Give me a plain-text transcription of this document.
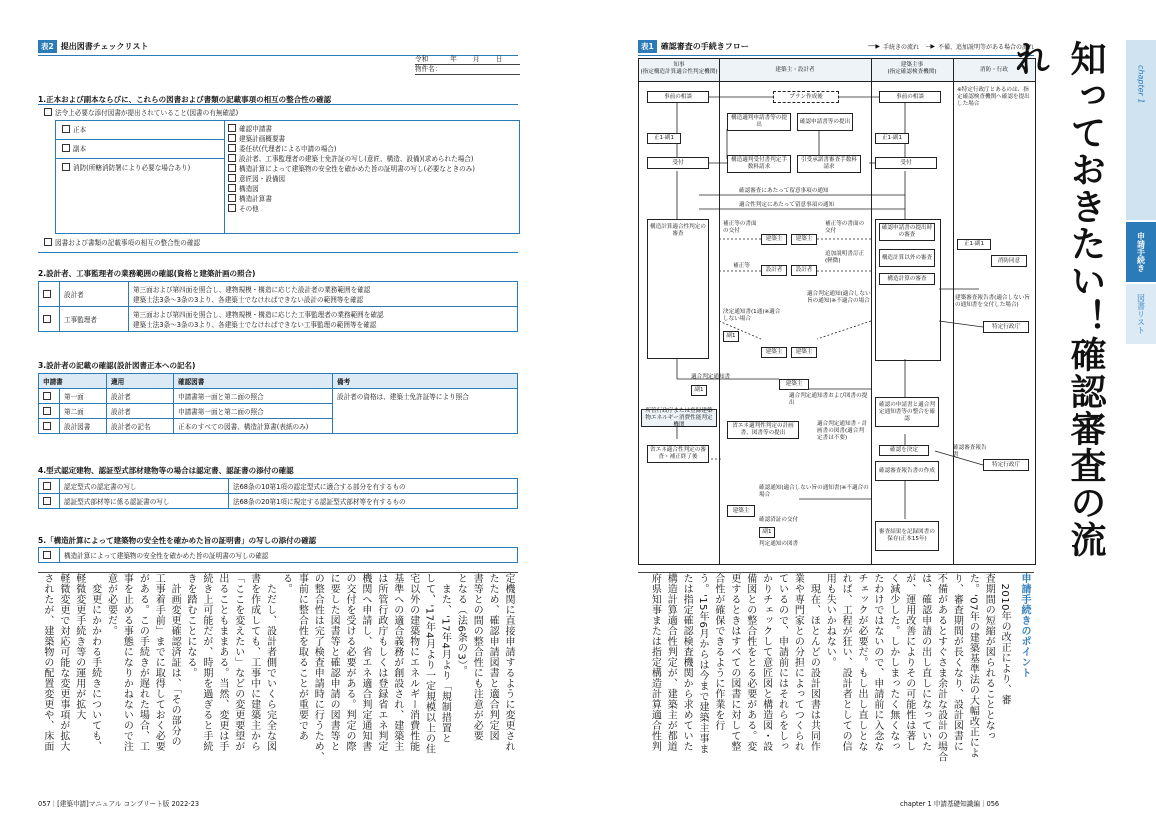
表2 提出図書チェックリスト
令和	年 月 日
物件名：
1.正本および副本ならびに、これらの図書および書類の記載事項の相互の整合性の確認
法令上必要な添付図書が提出されていること(図書の有無確認)
正本
副本
消防(所轄消防署により必要な場合あり)
確認申請書
建築計画概要書
委任状(代理者による申請の場合)
設計者、工事監理者の建築士免許証の写し(意匠、構造、設備)(求められた場合)
構造計算によって建築物の安全性を確かめた旨の証明書の写し(必要なときのみ)
意匠図・設備図
構造図
構造計算書
その他
図書および書類の記載事項の相互の整合性の確認
2.設計者、工事監理者の業務範囲の確認(資格と建築計画の照合)
	設計者	第三面および第四面を照合し、建物規模・構造に応じた設計者の業務範囲を確認
建築士法3条～3条の3より、各建築士でなければできない設計の範囲等を確認

	工事監理者	第三面および第四面を照合し、建物規模・構造に応じた工事監理者の業務範囲を確認
建築士法3条～3条の3より、各建築士でなければできない工事監理の範囲等を確認
3.設計者の記載の確認(設計図書正本への記名)
申請書		適用	確認図書	備考
	第一面	設計者	申請書第一面と第二面の照合	設計者の資格は、建築士免許証等により照合
	第二面	設計者	申請書第一面と第二面の照合	
	設計図書	設計者の記名	正本のすべての図書、構造計算書(表紙のみ)	
4.型式認定建物、認証型式部材建物等の場合は認定書、認証書の添付の確認
	認定型式の認定書の写し	法68条の10第1項の認定型式に適合する部分を有するもの
	認証型式部材等に係る認証書の写し	法68条の20第1項に規定する認証型式部材等を有するもの
5.「構造計算によって建築物の安全性を確かめた旨の証明書」の写しの添付の確認
	構造計算によって建築物の安全性を確かめた旨の証明書の写しの確認
定機関に直接申請するように変更され
たため、確認申請図書と適合判定図
書等との間の整合性にも注意が必要
となる（法6条の3）。
　また、'17年4月より「規制措置と
して、'17年4月より一定規模以上の住
宅以外の建築物にエネルギー消費性能
基準への適合義務が創設され、建築主
は所管行政庁もしくは登録省エネ判定
機関へ申請し、省エネ適合判定通知書
の交付を受ける必要がある。判定の際
に要した図書等と確認申請の図書等と
の整合性は完了検査申請時に行うため、
事前に整合性を取ることが重要であ
る。
　ただし、設計者側でいくら完全な図
書を作成しても、工事中に建築主から
「ここを変えたい」などの変更要望が
出ることもままある。当然、変更は手
続き上可能だが、時期を過ぎると手続
きを踏むことになる。
　計画変更確認済証は、「その部分の
工事着手前」までに取得しておく必要
がある。この手続きが遅れた場合、工
事を止める事態になりかねないので注
意が必要だ。
　変更にかかわる手続きについても、
軽微変更手続き等の運用が拡大
軽微変更で対応可能な変更事項が拡大
されたが、建築物の配置変更や、床面
057｜[建築申請]マニュアル コンプリート版 2022-23
表1 確認審査の手続きフロー	──▶ 手続きの流れ --▶ 不備、追加説明等がある場合の流れ
知事
(指定構造計算適合性判定機関)	建築主・設計者
建築主事
(指定確認検査機関)	消防・行政
事前の相談	プラン作成後	事前の相談
※特定行政庁とあるのは、指定確認検査機関へ確認を提出した場合
構造適判申請書等の提出
確認申請書等の提出
正1·副1	正1·副1
受付	構造適判受付書判定手数料請求
引受承諾書審査手数料請求
受付
確認審査にあたって留意事項の通知
適合性判定にあたって留意事項の通知
構造計算適合性判定の審査
補正等の書面の交付
補正等の書面の交付
建築主	建築主
補正等
設計者	設計者
追加説明書訂正(軽微)
確認申請書の提出時の審査
構造計算以外の審査
構造計算の審査
正1·副1
消防同意
適合判定通知(適合しない旨の通知)※不適合の場合
決定通知書(1通)※適合しない場合
副1
建築主	建築主
建築審査報告書(適合しない旨の通知書を交付した場合)
特定行政庁
適合判定通知書
副1
建築主
適合判定通知書および図書の提出	確認の申請書と適合判定通知書等の整合を確認
所管行政庁または登録建築物エネルギー消費性能判定機関	省エネ適判性判定の計画書、図書等の提出
省エネ適合性判定の審査・補正終了後
適合判定通知書・計画書の図書(適合判定書は不要)
確認を決定
確認審査報告書の作成
確認審査報告書
特定行政庁
確認通知(適合しない旨の通知書)※不適合の場合
建築主
確認済証の交付
副1
判定通知の図書
審査結果を記録図書の保存(正本15年)
申請手続きのポイント
　2010年の改正により、審
査期間の短縮が図られることとなっ
た。'07年の建築基準法の大幅改正によ
り、審査期間が長くなり、設計図書に
不備があるとすぐさま余計な設計の場合
は、確認申請の出し直しになっていた
が、運用改善によりその可能性は著し
く減少した。しかしまったく無くなっ
たわけではないので、申請前に入念な
チェックが必要だ。もし出し直しとな
れば、工程が狂い、設計者としての信
用も失いかねない。
　現在、ほとんどの設計図書は共同作
業や専門家との分担によってつくられ
ているので、申請前にはそれらをしっ
かりチェックして意匠図と構造図・設
備図との整合性をとる必要がある。変
更するときはすべての図書に対して整
合性が確保できるように作業を行
う。'15年6月からは今まで建築主事ま
たは指定確認検査機関から求めていた
構造計算適合性判定が、建築主が都道
府県知事または指定構造計算適合性判
知っておきたい！確認審査の流れ
chapter 1
申請手続き
図書リスト
chapter 1 申請基礎知識編｜056
